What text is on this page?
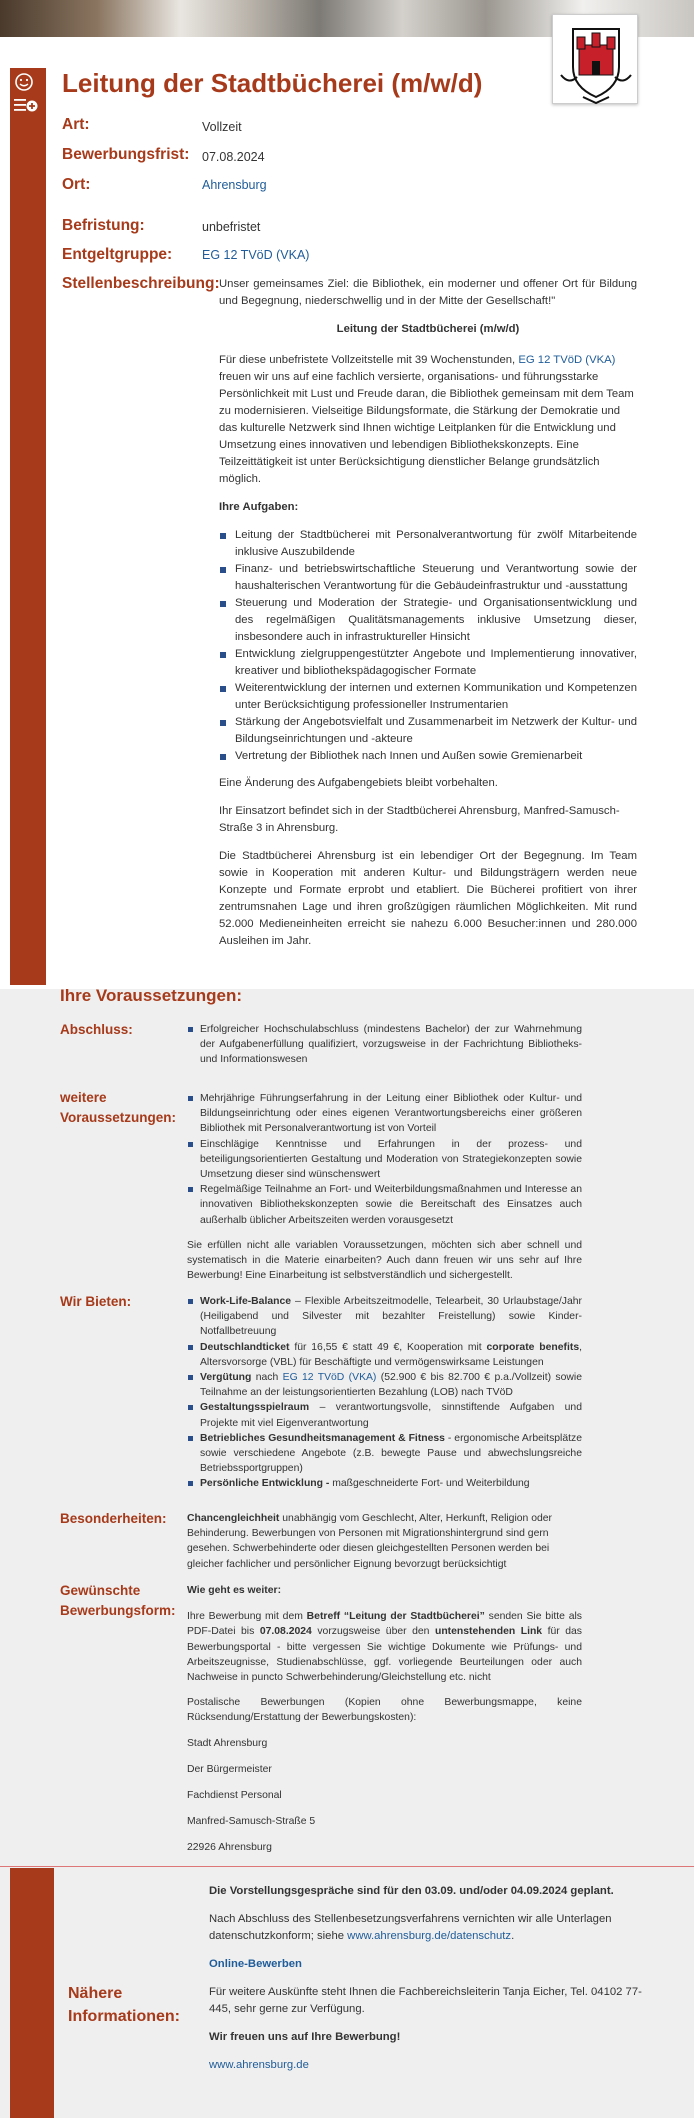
Leitung der Stadtbücherei (m/w/d)
Art:	Vollzeit
Bewerbungsfrist: 07.08.2024
Ort:	Ahrensburg
Befristung:	unbefristet
Entgeltgruppe: EG 12 TVöD (VKA)
Stellenbeschreibung: Unser gemeinsames Ziel: die Bibliothek, ein moderner und offener Ort für Bildung und Begegnung, niederschwellig und in der Mitte der Gesellschaft!"

Leitung der Stadtbücherei (m/w/d)

Für diese unbefristete Vollzeitstelle mit 39 Wochenstunden, EG 12 TVöD (VKA) freuen wir uns auf eine fachlich versierte, organisations- und führungsstarke Persönlichkeit mit Lust und Freude daran, die Bibliothek gemeinsam mit dem Team zu modernisieren. Vielseitige Bildungsformate, die Stärkung der Demokratie und das kulturelle Netzwerk sind Ihnen wichtige Leitplanken für die Entwicklung und Umsetzung eines innovativen und lebendigen Bibliothekskonzepts. Eine Teilzeittätigkeit ist unter Berücksichtigung dienstlicher Belange grundsätzlich möglich.

Ihre Aufgaben:

Leitung der Stadtbücherei mit Personalverantwortung für zwölf Mitarbeitende inklusive Auszubildende
Finanz- und betriebswirtschaftliche Steuerung und Verantwortung sowie der haushalterischen Verantwortung für die Gebäudeinfrastruktur und -ausstattung
Steuerung und Moderation der Strategie- und Organisationsentwicklung und des regelmäßigen Qualitätsmanagements inklusive Umsetzung dieser, insbesondere auch in infrastruktureller Hinsicht
Entwicklung zielgruppengestützter Angebote und Implementierung innovativer, kreativer und bibliothekspädagogischer Formate
Weiterentwicklung der internen und externen Kommunikation und Kompetenzen unter Berücksichtigung professioneller Instrumentarien
Stärkung der Angebotsvielfalt und Zusammenarbeit im Netzwerk der Kultur- und Bildungseinrichtungen und -akteure
Vertretung der Bibliothek nach Innen und Außen sowie Gremienarbeit

Eine Änderung des Aufgabengebiets bleibt vorbehalten.

Ihr Einsatzort befindet sich in der Stadtbücherei Ahrensburg, Manfred-Samusch-Straße 3 in Ahrensburg.

Die Stadtbücherei Ahrensburg ist ein lebendiger Ort der Begegnung. Im Team sowie in Kooperation mit anderen Kultur- und Bildungsträgern werden neue Konzepte und Formate erprobt und etabliert. Die Bücherei profitiert von ihrer zentrumsnahen Lage und ihren großzügigen räumlichen Möglichkeiten. Mit rund 52.000 Medieneinheiten erreicht sie nahezu 6.000 Besucher:innen und 280.000 Ausleihen im Jahr.

Ihre Voraussetzungen:
Abschluss:	Erfolgreicher Hochschulabschluss (mindestens Bachelor) der zur Wahrnehmung der Aufgabenerfüllung qualifiziert, vorzugsweise in der Fachrichtung Bibliotheks- und Informationswesen
weitere
Voraussetzungen:
Mehrjährige Führungserfahrung in der Leitung einer Bibliothek oder Kultur- und Bildungseinrichtung oder eines eigenen Verantwortungsbereichs einer größeren Bibliothek mit Personalverantwortung ist von Vorteil
Einschlägige Kenntnisse und Erfahrungen in der prozess- und beteiligungsorientierten Gestaltung und Moderation von Strategiekonzepten sowie Umsetzung dieser sind wünschenswert
Regelmäßige Teilnahme an Fort- und Weiterbildungsmaßnahmen und Interesse an innovativen Bibliothekskonzepten sowie die Bereitschaft des Einsatzes auch außerhalb üblicher Arbeitszeiten werden vorausgesetzt

Sie erfüllen nicht alle variablen Voraussetzungen, möchten sich aber schnell und systematisch in die Materie einarbeiten? Auch dann freuen wir uns sehr auf Ihre Bewerbung! Eine Einarbeitung ist selbstverständlich und sichergestellt.

Wir Bieten:	Work-Life-Balance – Flexible Arbeitszeitmodelle, Telearbeit, 30 Urlaubstage/Jahr (Heiligabend und Silvester mit bezahlter Freistellung) sowie Kinder-Notfallbetreuung
Deutschlandticket für 16,55 € statt 49 €, Kooperation mit corporate benefits, Altersvorsorge (VBL) für Beschäftigte und vermögenswirksame Leistungen
Vergütung nach EG 12 TVöD (VKA) (52.900 € bis 82.700 € p.a./Vollzeit) sowie Teilnahme an der leistungsorientierten Bezahlung (LOB) nach TVöD
Gestaltungsspielraum – verantwortungsvolle, sinnstiftende Aufgaben und Projekte mit viel Eigenverantwortung
Betriebliches Gesundheitsmanagement & Fitness - ergonomische Arbeitsplätze sowie verschiedene Angebote (z.B. bewegte Pause und abwechslungsreiche Betriebssportgruppen)
Persönliche Entwicklung - maßgeschneiderte Fort- und Weiterbildung
Besonderheiten: Chancengleichheit unabhängig vom Geschlecht, Alter, Herkunft, Religion oder Behinderung. Bewerbungen von Personen mit Migrationshintergrund sind gern gesehen. Schwerbehinderte oder diesen gleichgestellten Personen werden bei gleicher fachlicher und persönlicher Eignung bevorzugt berücksichtigt

Gewünschte
Bewerbungsform:

Wie geht es weiter:

Ihre Bewerbung mit dem Betreff “Leitung der Stadtbücherei” senden Sie bitte als PDF-Datei bis 07.08.2024 vorzugsweise über den untenstehenden Link für das Bewerbungsportal - bitte vergessen Sie wichtige Dokumente wie Prüfungs- und Arbeitszeugnisse, Studienabschlüsse, ggf. vorliegende Beurteilungen oder auch Nachweise in puncto Schwerbehinderung/Gleichstellung etc. nicht

Postalische Bewerbungen (Kopien ohne Bewerbungsmappe, keine Rücksendung/Erstattung der Bewerbungskosten):

Stadt Ahrensburg

Der Bürgermeister

Fachdienst Personal

Manfred-Samusch-Straße 5

22926 Ahrensburg

Nähere
Informationen:

Die Vorstellungsgespräche sind für den 03.09. und/oder 04.09.2024 geplant.

Nach Abschluss des Stellenbesetzungsverfahrens vernichten wir alle Unterlagen datenschutzkonform; siehe www.ahrensburg.de/datenschutz.

Online-Bewerben

Für weitere Auskünfte steht Ihnen die Fachbereichsleiterin Tanja Eicher, Tel. 04102 77-445, sehr gerne zur Verfügung.

Wir freuen uns auf Ihre Bewerbung!

www.ahrensburg.de
